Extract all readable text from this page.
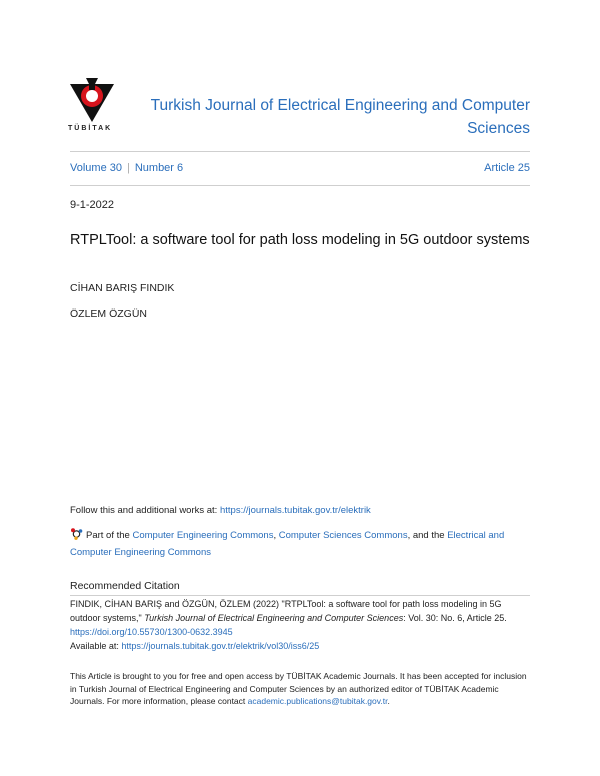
TÜBİTAK
Turkish Journal of Electrical Engineering and Computer
Sciences
Volume 30 | Number 6	Article 25
9-1-2022
RTPLTool: a software tool for path loss modeling in 5G outdoor systems
CİHAN BARIŞ FINDIK
ÖZLEM ÖZGÜN
Follow this and additional works at: https://journals.tubitak.gov.tr/elektrik
Part of the Computer Engineering Commons, Computer Sciences Commons, and the Electrical and Computer Engineering Commons
Recommended Citation
FINDIK, CİHAN BARIŞ and ÖZGÜN, ÖZLEM (2022) "RTPLTool: a software tool for path loss modeling in 5G outdoor systems," Turkish Journal of Electrical Engineering and Computer Sciences: Vol. 30: No. 6, Article 25. https://doi.org/10.55730/1300-0632.3945
Available at: https://journals.tubitak.gov.tr/elektrik/vol30/iss6/25
This Article is brought to you for free and open access by TÜBİTAK Academic Journals. It has been accepted for inclusion in Turkish Journal of Electrical Engineering and Computer Sciences by an authorized editor of TÜBİTAK Academic Journals. For more information, please contact academic.publications@tubitak.gov.tr.
